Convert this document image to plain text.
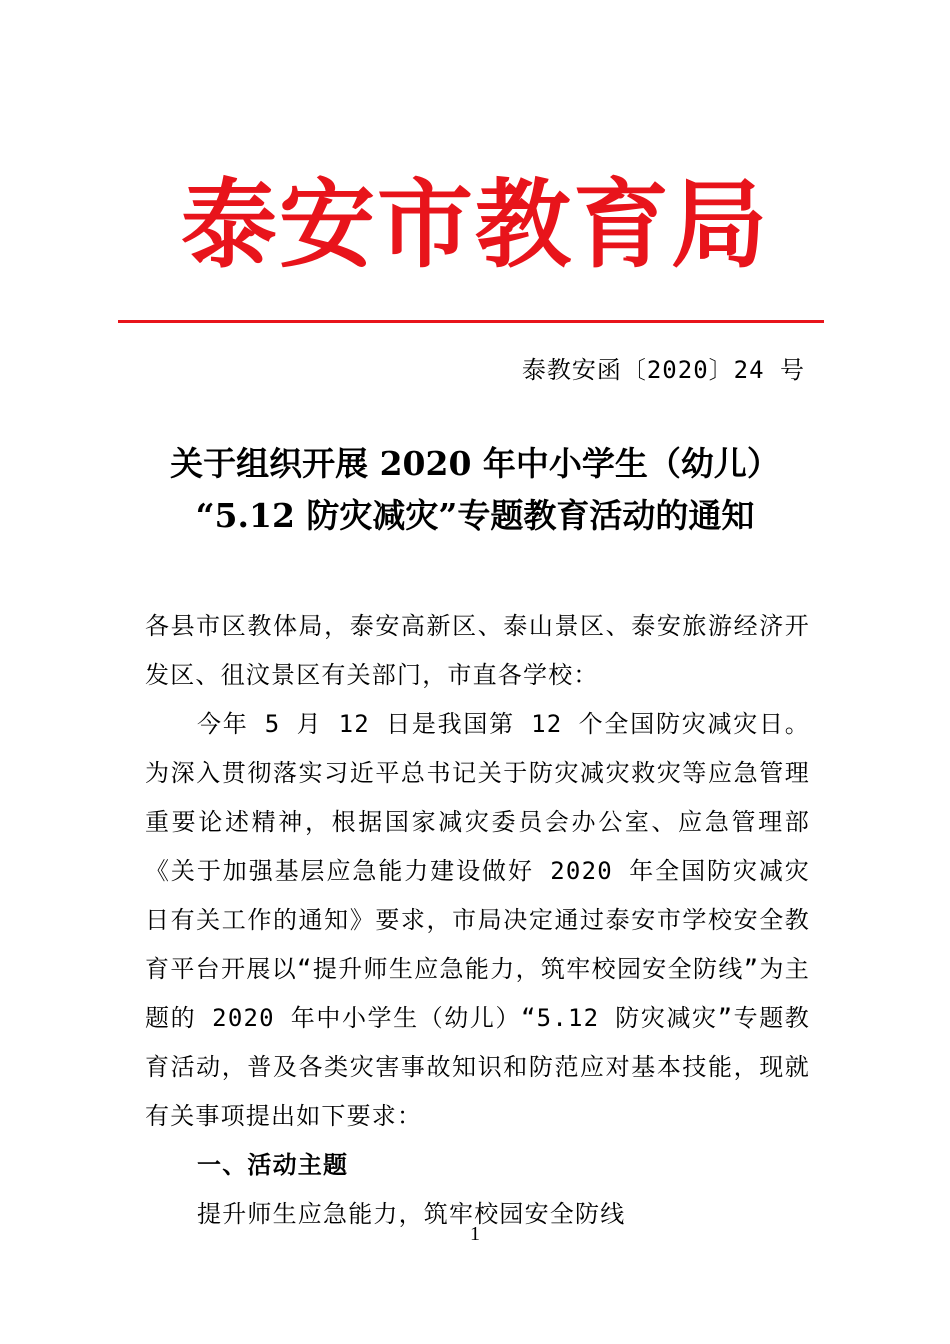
泰安市教育局
泰教安函〔2020〕24 号
关于组织开展 2020 年中小学生（幼儿）
“5.12 防灾减灾”专题教育活动的通知

各县市区教体局，泰安高新区、泰山景区、泰安旅游经济开发区、徂汶景区有关部门，市直各学校：

今年 5 月 12 日是我国第 12 个全国防灾减灾日。为深入贯彻落实习近平总书记关于防灾减灾救灾等应急管理重要论述精神，根据国家减灾委员会办公室、应急管理部《关于加强基层应急能力建设做好 2020 年全国防灾减灾日有关工作的通知》要求，市局决定通过泰安市学校安全教育平台开展以“提升师生应急能力，筑牢校园安全防线”为主题的 2020 年中小学生（幼儿）“5.12 防灾减灾”专题教育活动，普及各类灾害事故知识和防范应对基本技能，现就有关事项提出如下要求：

一、活动主题
提升师生应急能力，筑牢校园安全防线
1
